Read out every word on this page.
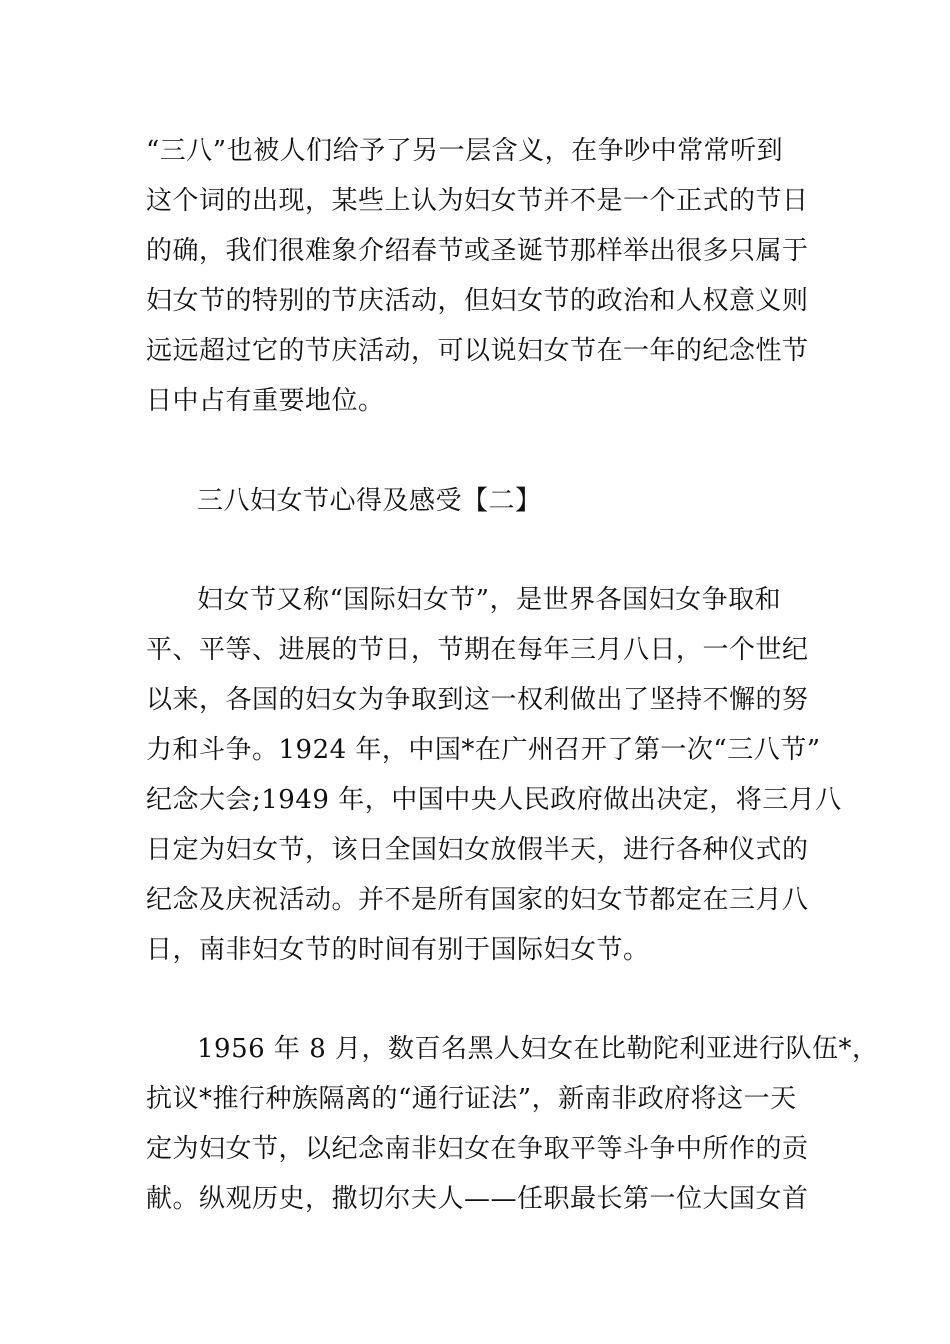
“三八”也被人们给予了另一层含义，在争吵中常常听到
这个词的出现，某些上认为妇女节并不是一个正式的节日
的确，我们很难象介绍春节或圣诞节那样举出很多只属于
妇女节的特别的节庆活动，但妇女节的政治和人权意义则
远远超过它的节庆活动，可以说妇女节在一年的纪念性节
日中占有重要地位。
三八妇女节心得及感受【二】
妇女节又称“国际妇女节”，是世界各国妇女争取和
平、平等、进展的节日，节期在每年三月八日，一个世纪
以来，各国的妇女为争取到这一权利做出了坚持不懈的努
力和斗争。1924 年，中国*在广州召开了第一次“三八节”
纪念大会;1949 年，中国中央人民政府做出决定，将三月八
日定为妇女节，该日全国妇女放假半天，进行各种仪式的
纪念及庆祝活动。并不是所有国家的妇女节都定在三月八
日，南非妇女节的时间有别于国际妇女节。
1956 年 8 月，数百名黑人妇女在比勒陀利亚进行队伍*，
抗议*推行种族隔离的“通行证法”，新南非政府将这一天
定为妇女节，以纪念南非妇女在争取平等斗争中所作的贡
献。纵观历史，撒切尔夫人——任职最长第一位大国女首
